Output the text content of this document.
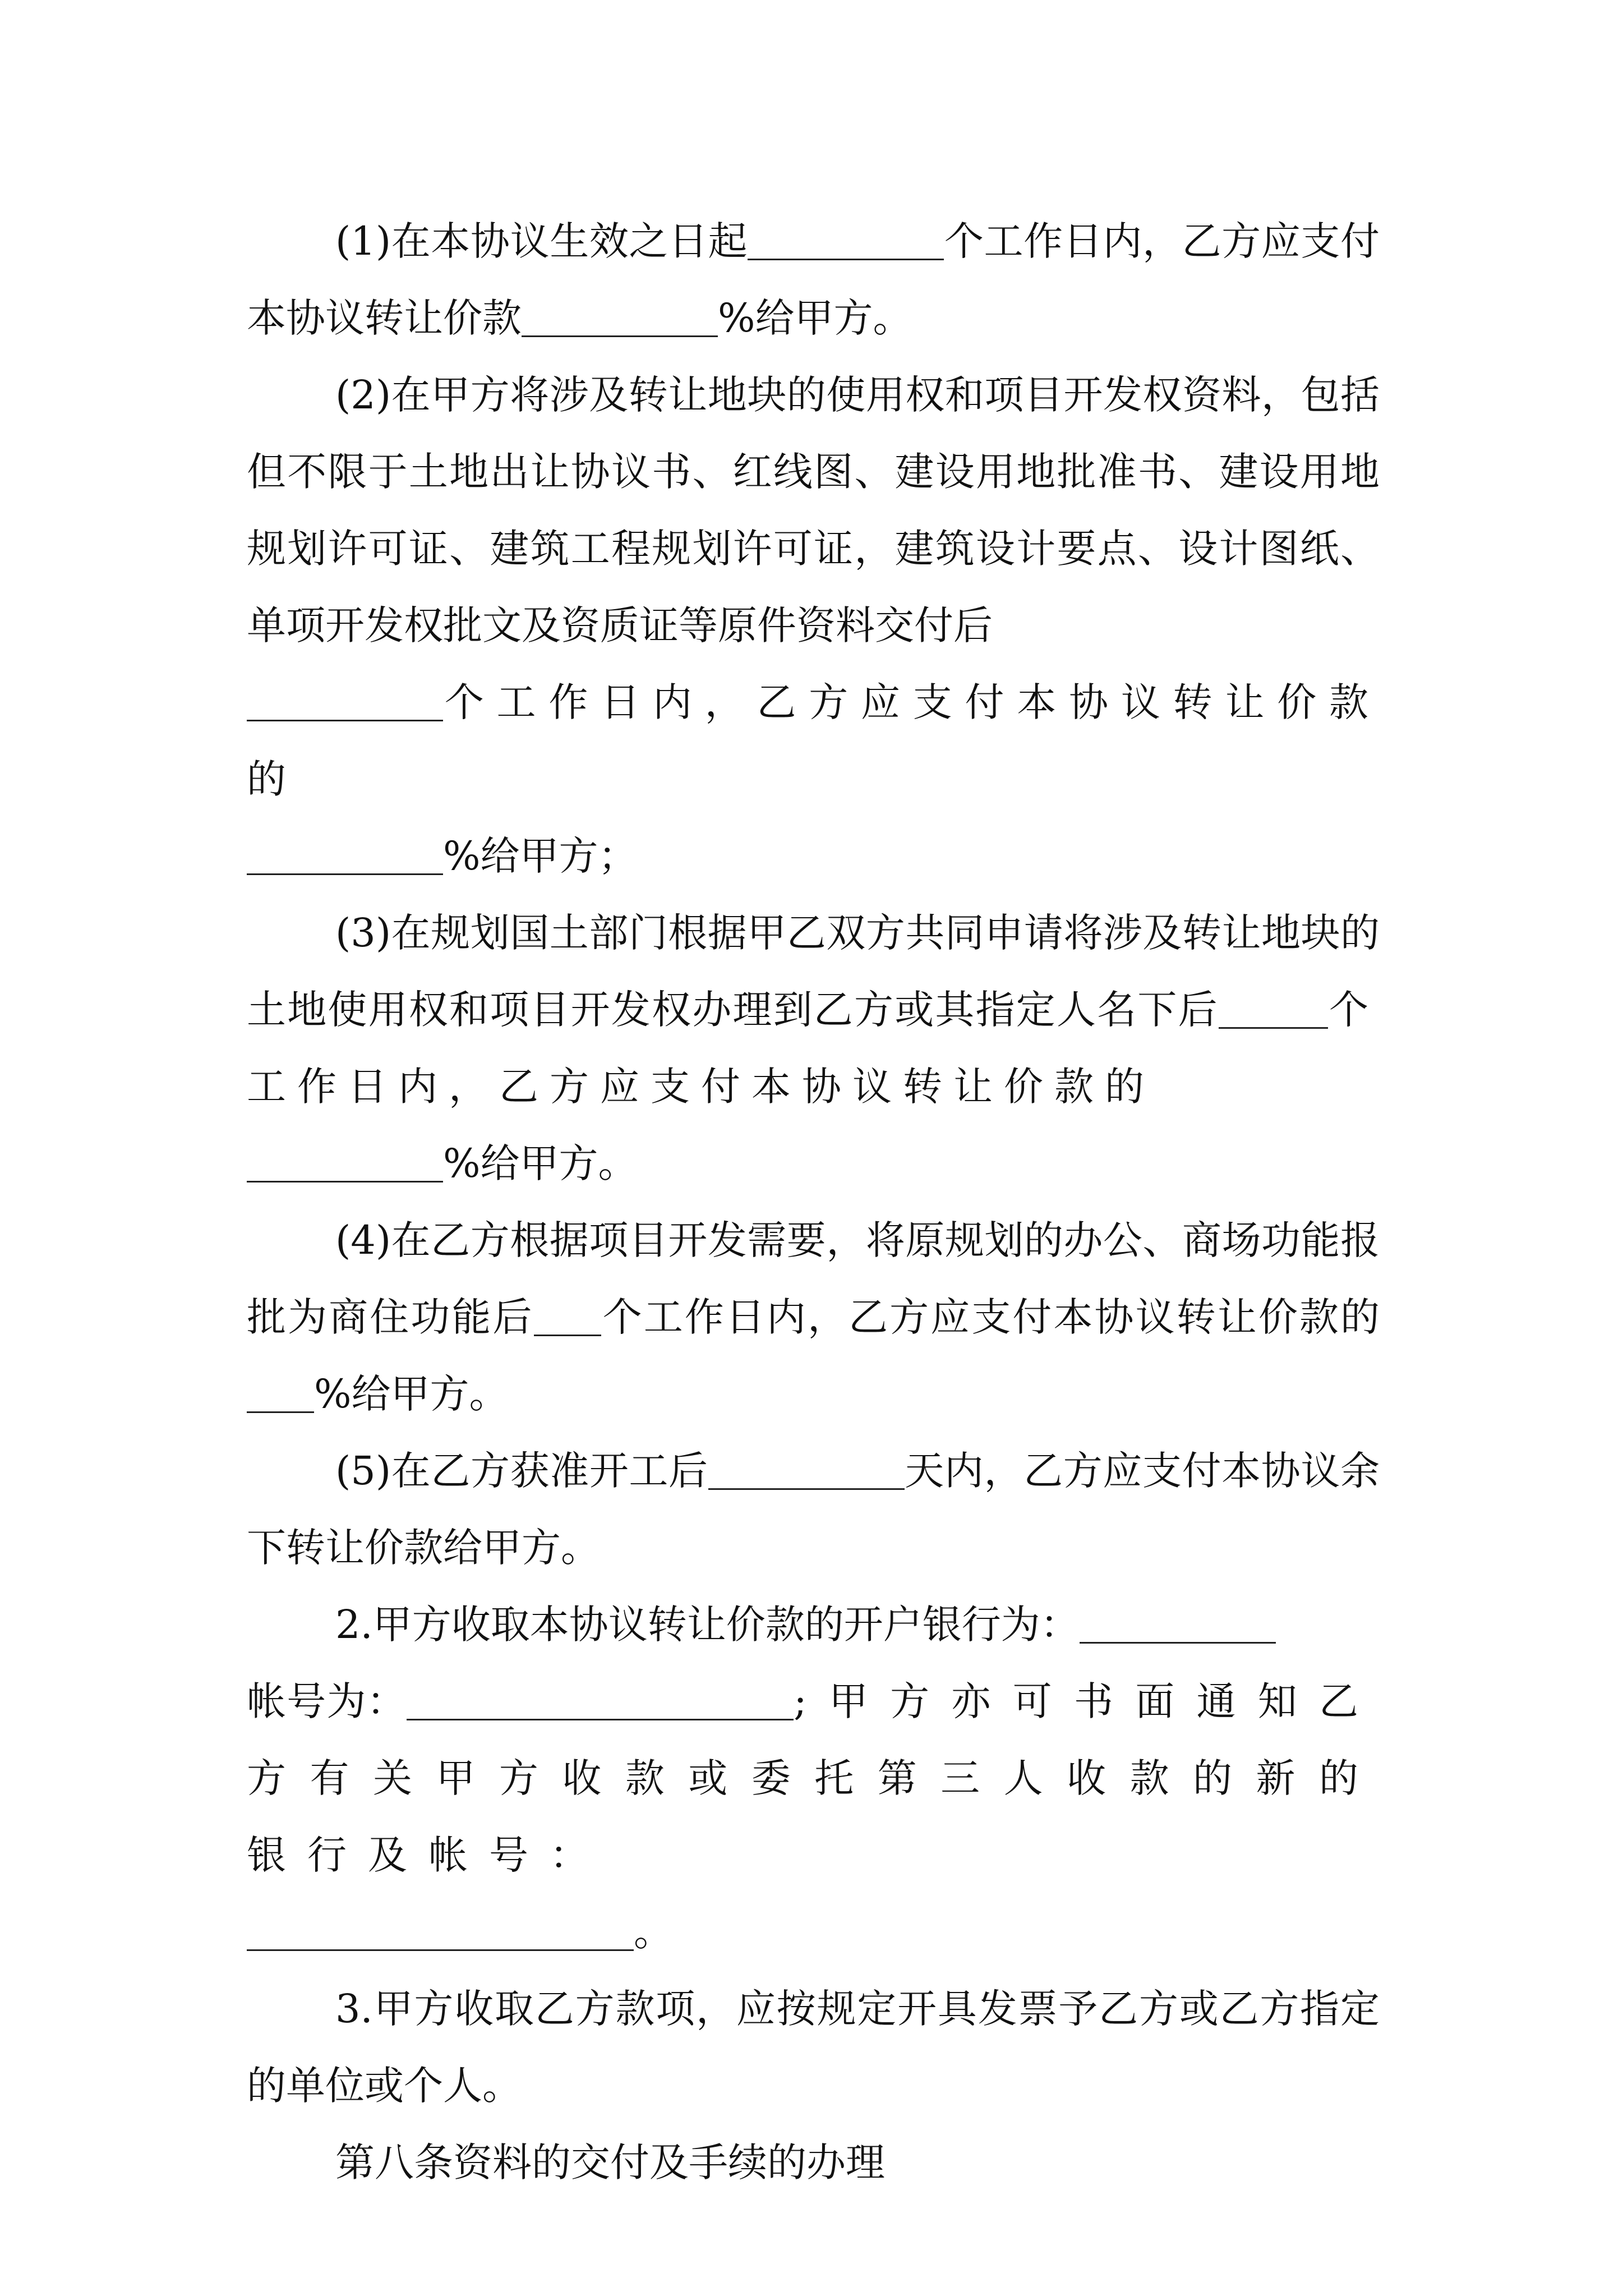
(1)在本协议生效之日起	个工作日内，乙方应支付本协议转让价款	%给甲方。

(2)在甲方将涉及转让地块的使用权和项目开发权资料，包括但不限于土地出让协议书、红线图、建设用地批准书、建设用地规划许可证、建筑工程规划许可证，建筑设计要点、设计图纸、单项开发权批文及资质证等原件资料交付后
个工作日内，乙方应支付本协议转让价款的
%给甲方；

(3)在规划国土部门根据甲乙双方共同申请将涉及转让地块的土地使用权和项目开发权办理到乙方或其指定人名下后	个工作日内，乙方应支付本协议转让价款的
%给甲方。

(4)在乙方根据项目开发需要，将原规划的办公、商场功能报批为商住功能后 个工作日内，乙方应支付本协议转让价款的%给甲方。

(5)在乙方获准开工后	天内，乙方应支付本协议余下转让价款给甲方。

2.甲方收取本协议转让价款的开户银行为：
帐号为：	;甲方亦可书面通知乙方有关甲方收款或委托第三人收款的新的银行及帐号：
。

3.甲方收取乙方款项，应按规定开具发票予乙方或乙方指定的单位或个人。

第八条资料的交付及手续的办理
